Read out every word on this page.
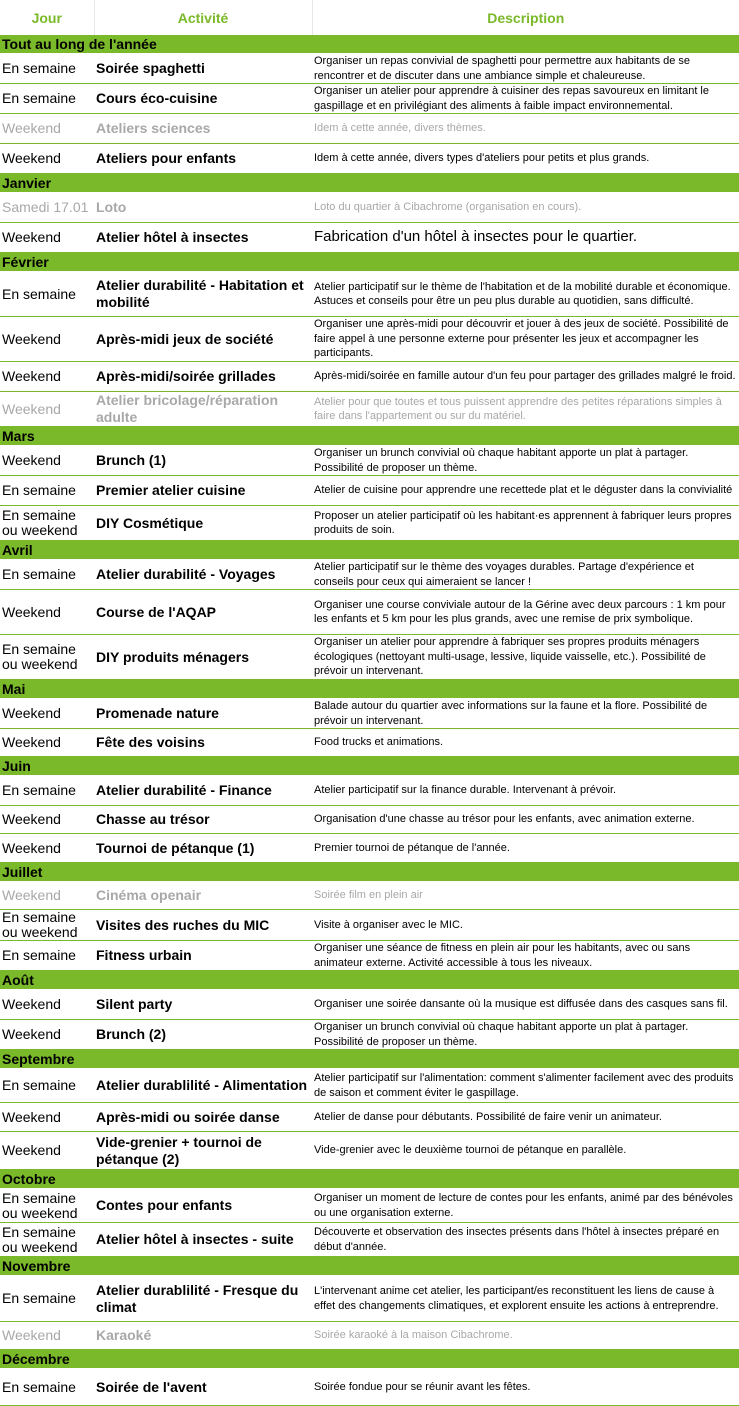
Jour	Activité	Description
Tout au long de l'année		
En semaine	Soirée spaghetti	Organiser un repas convivial de spaghetti pour permettre aux habitants de se rencontrer et de discuter dans une ambiance simple et chaleureuse.
En semaine	Cours éco-cuisine	Organiser un atelier pour apprendre à cuisiner des repas savoureux en limitant le gaspillage et en privilégiant des aliments à faible impact environnemental.
Weekend	Ateliers sciences	Idem à cette année, divers thèmes.
Weekend	Ateliers pour enfants	Idem à cette année, divers types d'ateliers pour petits et plus grands.
Janvier		
Samedi 17.01	Loto	Loto du quartier à Cibachrome (organisation en cours).
Weekend	Atelier hôtel à insectes	Fabrication d'un hôtel à insectes pour le quartier.
Février		
En semaine	Atelier durabilité - Habitation et mobilité	Atelier participatif sur le thème de l'habitation et de la mobilité durable et économique. Astuces et conseils pour être un peu plus durable au quotidien, sans difficulté.
Weekend	Après-midi jeux de société	Organiser une après-midi pour découvrir et jouer à des jeux de société. Possibilité de faire appel à une personne externe pour présenter les jeux et accompagner les participants.
Weekend	Après-midi/soirée grillades	Après-midi/soirée en famille autour d'un feu pour partager des grillades malgré le froid.
Weekend	Atelier bricolage/réparation adulte	Atelier pour que toutes et tous puissent apprendre des petites réparations simples à faire dans l'appartement ou sur du matériel.
Mars		
Weekend	Brunch (1)	Organiser un brunch convivial où chaque habitant apporte un plat à partager. Possibilité de proposer un thème.
En semaine	Premier atelier cuisine	Atelier de cuisine pour apprendre une recettede plat et le déguster dans la convivialité
En semaine ou weekend	DIY Cosmétique	Proposer un atelier participatif où les habitant·es apprennent à fabriquer leurs propres produits de soin.
Avril		
En semaine	Atelier durabilité - Voyages	Atelier participatif sur le thème des voyages durables. Partage d'expérience et conseils pour ceux qui aimeraient se lancer !
Weekend	Course de l'AQAP	Organiser une course conviviale autour de la Gérine avec deux parcours : 1 km pour les enfants et 5 km pour les plus grands, avec une remise de prix symbolique.
En semaine ou weekend	DIY produits ménagers	Organiser un atelier pour apprendre à fabriquer ses propres produits ménagers écologiques (nettoyant multi-usage, lessive, liquide vaisselle, etc.). Possibilité de prévoir un intervenant.
Mai		
Weekend	Promenade nature	Balade autour du quartier avec informations sur la faune et la flore. Possibilité de prévoir un intervenant.
Weekend	Fête des voisins	Food trucks et animations.
Juin		
En semaine	Atelier durabilité - Finance	Atelier participatif sur la finance durable. Intervenant à prévoir.
Weekend	Chasse au trésor	Organisation d'une chasse au trésor pour les enfants, avec animation externe.
Weekend	Tournoi de pétanque (1)	Premier tournoi de pétanque de l'année.
Juillet		
Weekend	Cinéma openair	Soirée film en plein air
En semaine ou weekend	Visites des ruches du MIC	Visite à organiser avec le MIC.
En semaine	Fitness urbain	Organiser une séance de fitness en plein air pour les habitants, avec ou sans animateur externe. Activité accessible à tous les niveaux.
Août		
Weekend	Silent party	Organiser une soirée dansante où la musique est diffusée dans des casques sans fil.
Weekend	Brunch (2)	Organiser un brunch convivial où chaque habitant apporte un plat à partager. Possibilité de proposer un thème.
Septembre		
En semaine	Atelier durablilité - Alimentation	Atelier participatif sur l'alimentation: comment s'alimenter facilement avec des produits de saison et comment éviter le gaspillage.
Weekend	Après-midi ou soirée danse	Atelier de danse pour débutants. Possibilité de faire venir un animateur.
Weekend	Vide-grenier + tournoi de pétanque (2)	Vide-grenier avec le deuxième tournoi de pétanque en parallèle.
Octobre		
En semaine ou weekend	Contes pour enfants	Organiser un moment de lecture de contes pour les enfants, animé par des bénévoles ou une organisation externe.
En semaine ou weekend	Atelier hôtel à insectes - suite	Découverte et observation des insectes présents dans l'hôtel à insectes préparé en début d'année.
Novembre		
En semaine	Atelier durablilité - Fresque du climat	L'intervenant anime cet atelier, les participant/es reconstituent les liens de cause à effet des changements climatiques, et explorent ensuite les actions à entreprendre.
Weekend	Karaoké	Soirée karaoké à la maison Cibachrome.
Décembre		
En semaine	Soirée de l'avent	Soirée fondue pour se réunir avant les fêtes.
